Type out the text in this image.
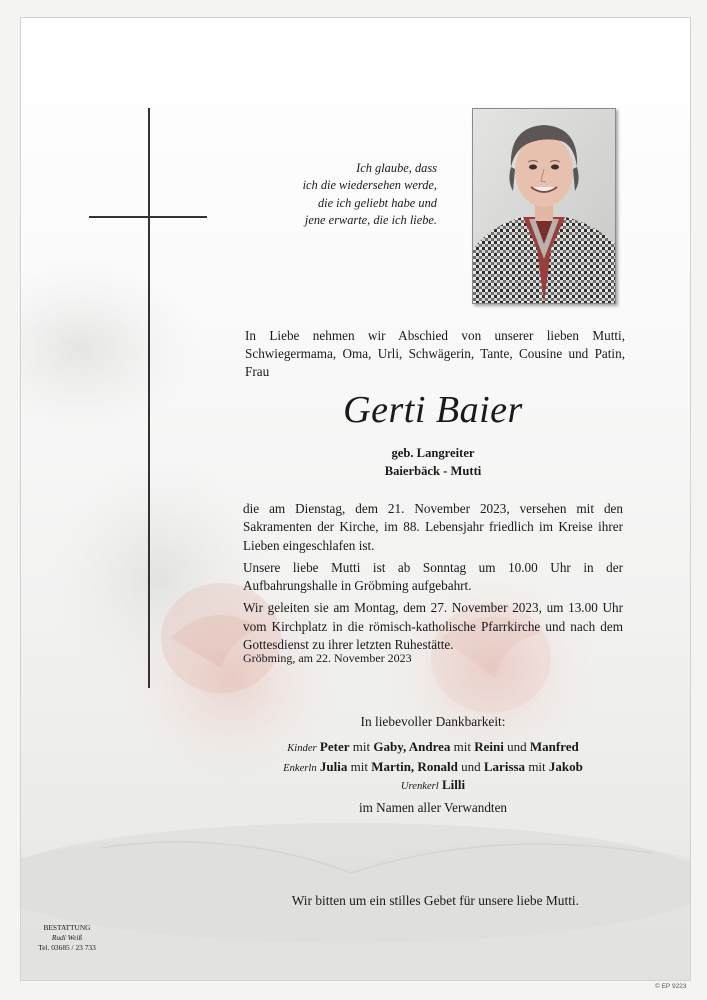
Ich glaube, dass
ich die wiedersehen werde,
die ich geliebt habe und
jene erwarte, die ich liebe.
In Liebe nehmen wir Abschied von unserer lieben Mutti, Schwiegermama, Oma, Urli, Schwägerin, Tante, Cousine und Patin, Frau
Gerti Baier
geb. Langreiter
Baierbäck - Mutti

die am Dienstag, dem 21. November 2023, versehen mit den Sakramenten der Kirche, im 88. Lebensjahr friedlich im Kreise ihrer Lieben eingeschlafen ist.

Unsere liebe Mutti ist ab Sonntag um 10.00 Uhr in der Aufbahrungshalle in Gröbming aufgebahrt.

Wir geleiten sie am Montag, dem 27. November 2023, um 13.00 Uhr vom Kirchplatz in die römisch-katholische Pfarrkirche und nach dem Gottesdienst zu ihrer letzten Ruhestätte.

Gröbming, am 22. November 2023
In liebevoller Dankbarkeit:
Kinder Peter mit Gaby, Andrea mit Reini und Manfred
Enkerln Julia mit Martin, Ronald und Larissa mit Jakob
Urenkerl Lilli
im Namen aller Verwandten
Wir bitten um ein stilles Gebet für unsere liebe Mutti.
BESTATTUNG
Rudi Weiß
Tel. 03685 / 23 733
© EP 9223
